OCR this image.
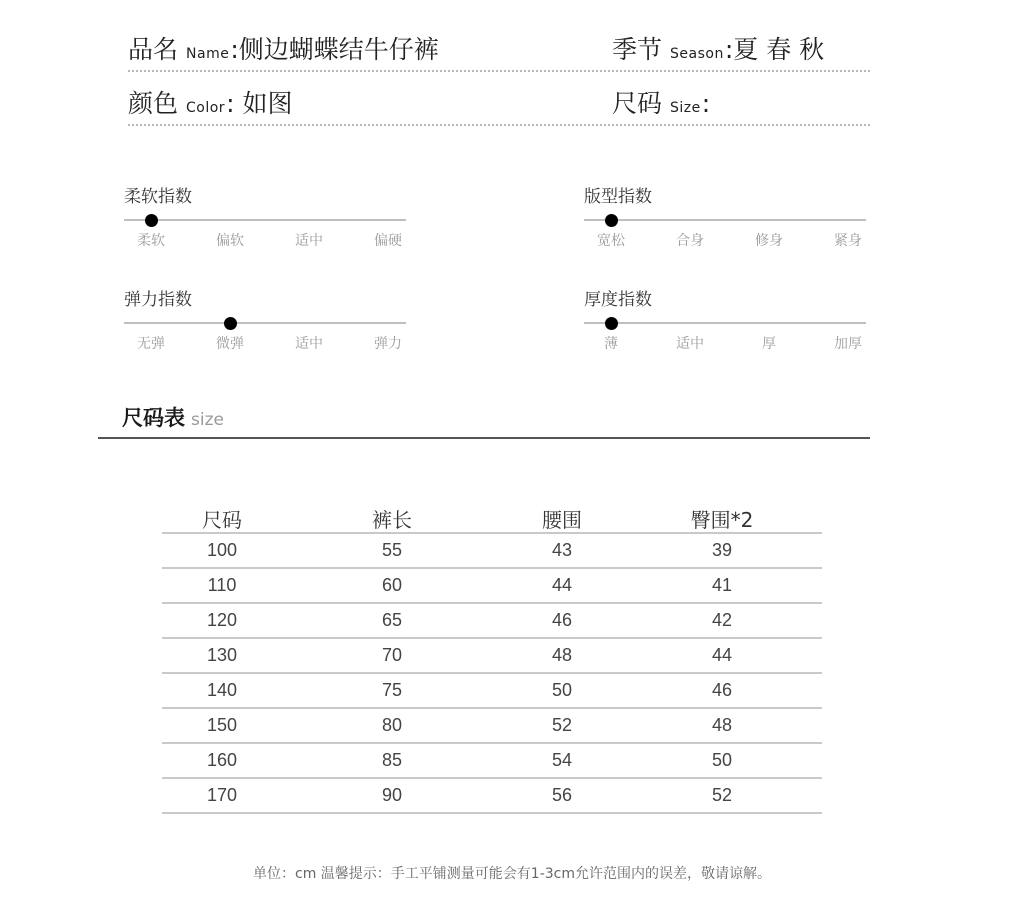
品名 Name:侧边蝴蝶结牛仔裤	季节 Season:夏 春 秋
颜色 Color: 如图	尺码 Size:
柔软指数
柔软	偏软	适中	偏硬
版型指数
宽松	合身	修身	紧身
弹力指数
无弹	微弹	适中	弹力
厚度指数
薄	适中	厚	加厚
尺码表 size
尺码	裤长	腰围	臀围*2
100	55	43	39
110	60	44	41
120	65	46	42
130	70	48	44
140	75	50	46
150	80	52	48
160	85	54	50
170	90	56	52
单位：cm 温馨提示：手工平铺测量可能会有1-3cm允许范围内的误差，敬请谅解。
